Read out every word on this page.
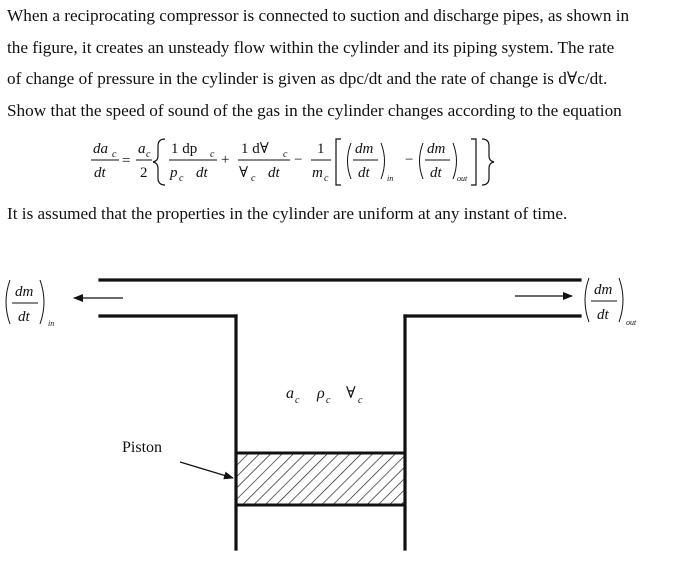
When a reciprocating compressor is connected to suction and discharge pipes, as shown in
the figure, it creates an unsteady flow within the cylinder and its piping system. The rate
of change of pressure in the cylinder is given as dpc/dt and the rate of change is d∀c/dt.
Show that the speed of sound of the gas in the cylinder changes according to the equation
da c
dt
=
a c
2
1 dp c
p c dt
+
1 d∀ c
∀ c dt
−
1
m c
dm
dt in
−
dm
dt out
It is assumed that the properties in the cylinder are uniform at any instant of time.
dm
dt in
dm
dt out
a c ρ c ∀ c
Piston
